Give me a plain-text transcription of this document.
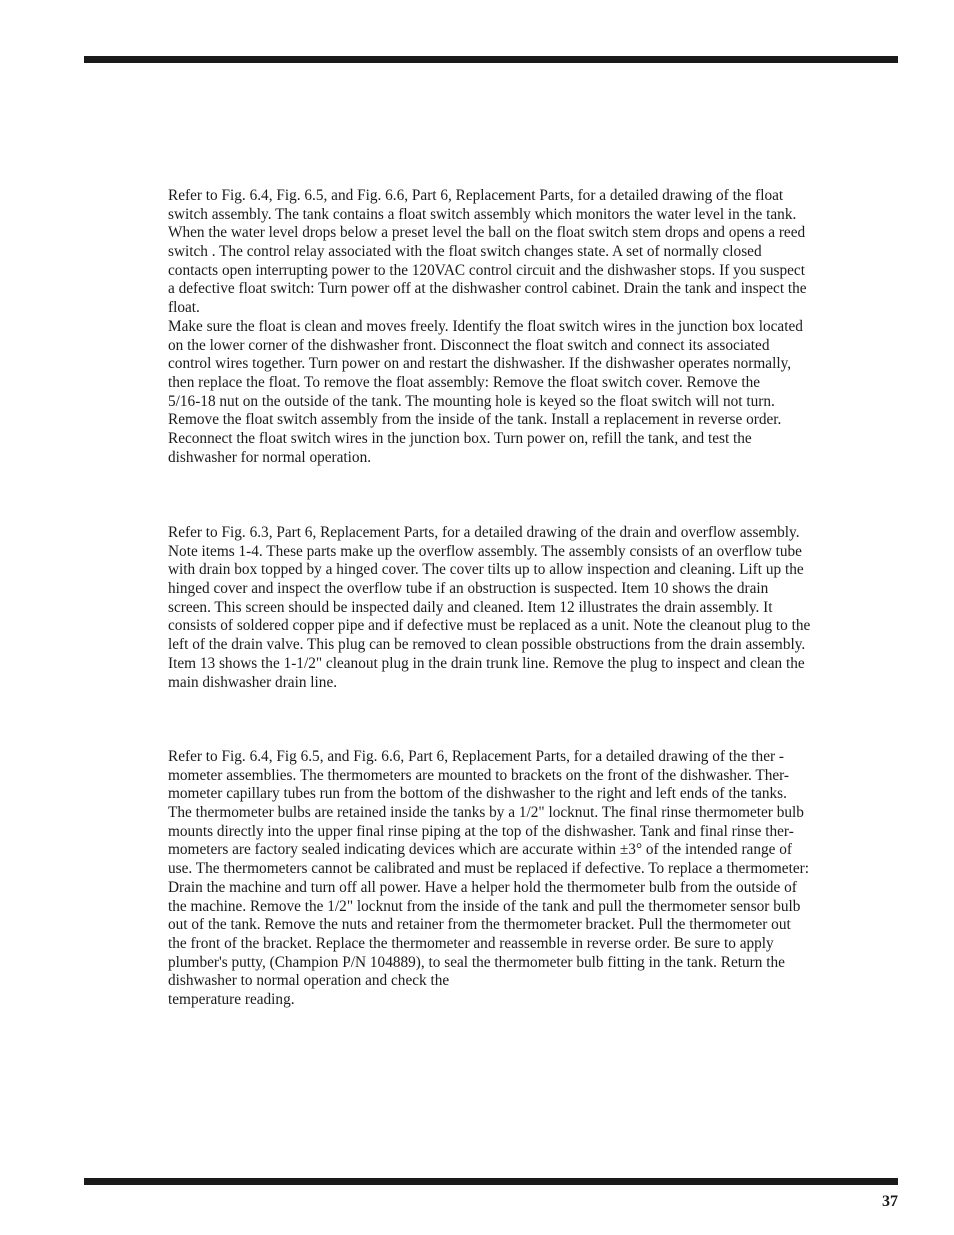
Refer to Fig. 6.4, Fig. 6.5, and Fig. 6.6, Part 6, Replacement Parts, for a detailed drawing of the float
switch assembly. The tank contains a float switch assembly which monitors the water level in the tank.
When the water level drops below a preset level the ball on the float switch stem drops and opens a reed
switch . The control relay associated with the float switch changes state. A set of normally closed
contacts open interrupting power to the 120VAC control circuit and the dishwasher stops. If you suspect
a defective float switch: Turn power off at the dishwasher control cabinet. Drain the tank and inspect the
float.
Make sure the float is clean and moves freely. Identify the float switch wires in the junction box located
on the lower corner of the dishwasher front. Disconnect the float switch and connect its associated
control wires together. Turn power on and restart the dishwasher. If the dishwasher operates normally,
then replace the float. To remove the float assembly: Remove the float switch cover. Remove the
5/16-18 nut on the outside of the tank. The mounting hole is keyed so the float switch will not turn.
Remove the float switch assembly from the inside of the tank. Install a replacement in reverse order.
Reconnect the float switch wires in the junction box. Turn power on, refill the tank, and test the
dishwasher for normal operation.
Refer to Fig. 6.3, Part 6, Replacement Parts, for a detailed drawing of the drain and overflow assembly.
Note items 1-4. These parts make up the overflow assembly. The assembly consists of an overflow tube
with drain box topped by a hinged cover. The cover tilts up to allow inspection and cleaning. Lift up the
hinged cover and inspect the overflow tube if an obstruction is suspected. Item 10 shows the drain
screen. This screen should be inspected daily and cleaned. Item 12 illustrates the drain assembly. It
consists of soldered copper pipe and if defective must be replaced as a unit. Note the cleanout plug to the
left of the drain valve. This plug can be removed to clean possible obstructions from the drain assembly.
Item 13 shows the 1-1/2" cleanout plug in the drain trunk line. Remove the plug to inspect and clean the
main dishwasher drain line.
Refer to Fig. 6.4, Fig 6.5, and Fig. 6.6, Part 6, Replacement Parts, for a detailed drawing of the ther -
mometer assemblies. The thermometers are mounted to brackets on the front of the dishwasher. Ther-
mometer capillary tubes run from the bottom of the dishwasher to the right and left ends of the tanks.
The thermometer bulbs are retained inside the tanks by a 1/2" locknut. The final rinse thermometer bulb
mounts directly into the upper final rinse piping at the top of the dishwasher. Tank and final rinse ther-
mometers are factory sealed indicating devices which are accurate within ±3° of the intended range of
use. The thermometers cannot be calibrated and must be replaced if defective. To replace a thermometer:
Drain the machine and turn off all power. Have a helper hold the thermometer bulb from the outside of
the machine. Remove the 1/2" locknut from the inside of the tank and pull the thermometer sensor bulb
out of the tank. Remove the nuts and retainer from the thermometer bracket. Pull the thermometer out
the front of the bracket. Replace the thermometer and reassemble in reverse order. Be sure to apply
plumber's putty, (Champion P/N 104889), to seal the thermometer bulb fitting in the tank. Return the
dishwasher to normal operation and check the
temperature reading.
37
